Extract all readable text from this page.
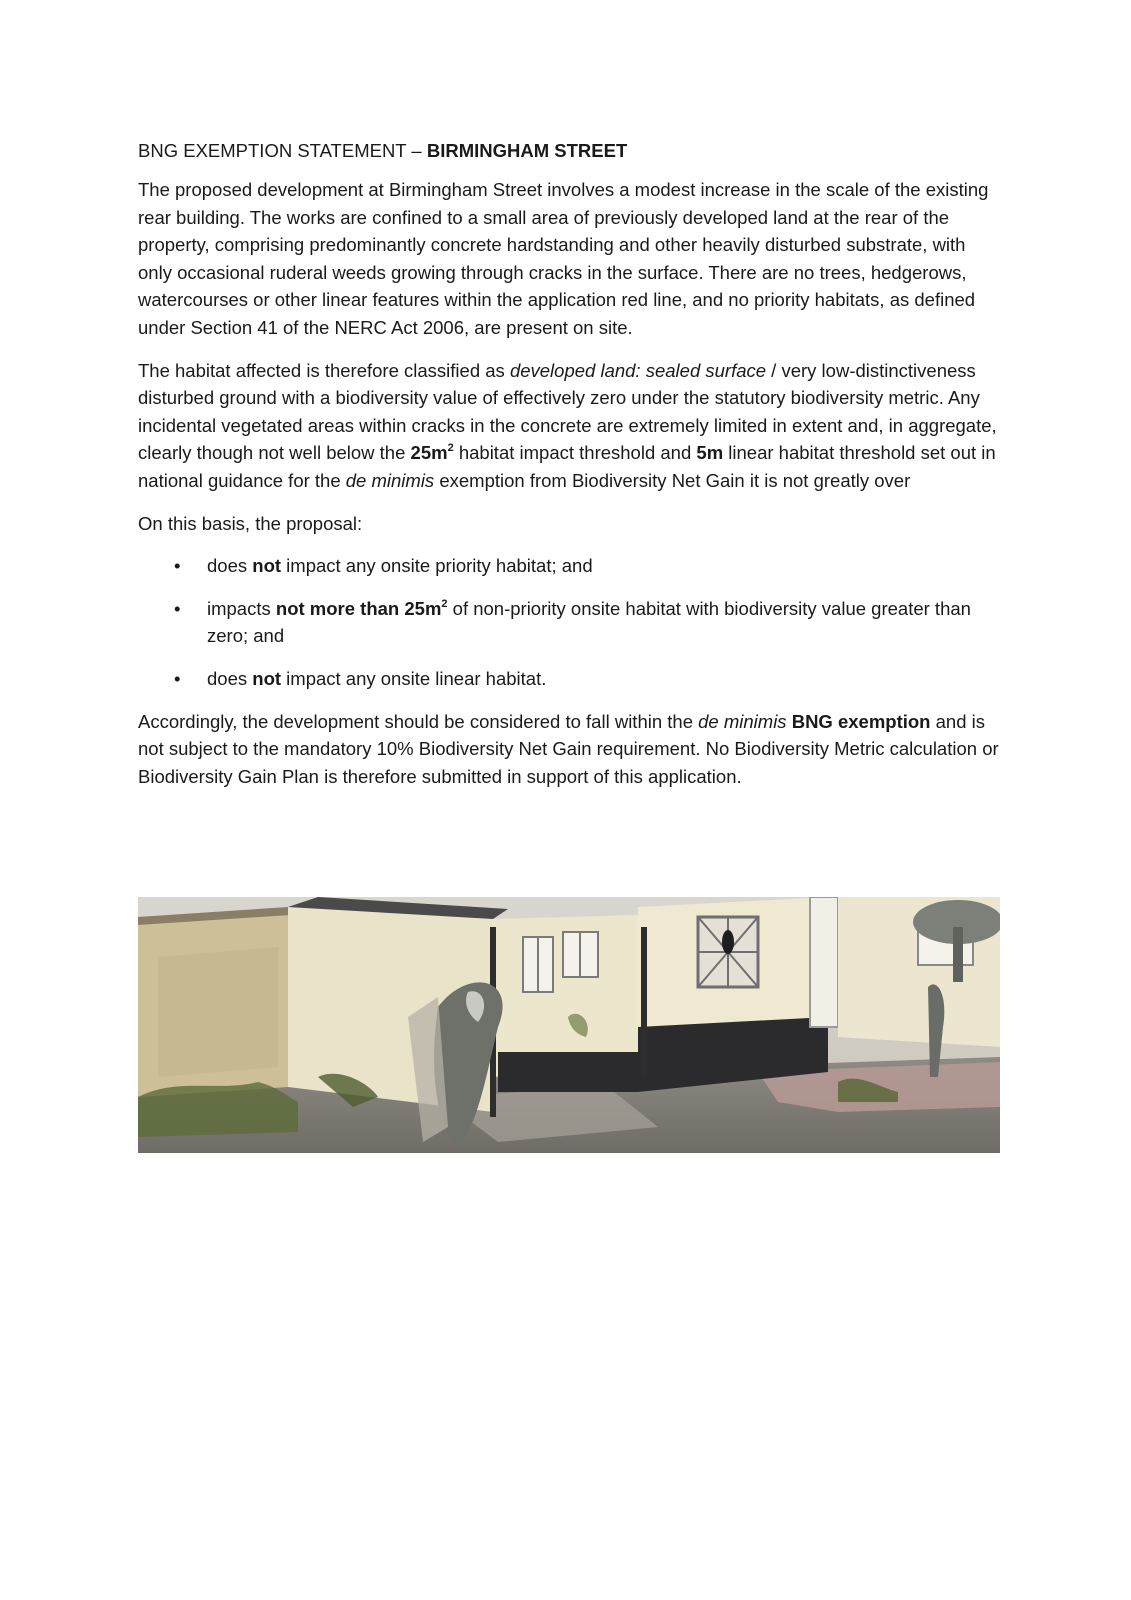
BNG EXEMPTION STATEMENT – BIRMINGHAM STREET

The proposed development at Birmingham Street involves a modest increase in the scale of the existing rear building. The works are confined to a small area of previously developed land at the rear of the property, comprising predominantly concrete hardstanding and other heavily disturbed substrate, with only occasional ruderal weeds growing through cracks in the surface. There are no trees, hedgerows, watercourses or other linear features within the application red line, and no priority habitats, as defined under Section 41 of the NERC Act 2006, are present on site.

The habitat affected is therefore classified as developed land: sealed surface / very low-distinctiveness disturbed ground with a biodiversity value of effectively zero under the statutory biodiversity metric. Any incidental vegetated areas within cracks in the concrete are extremely limited in extent and, in aggregate, clearly though not well below the $25m^2$ habitat impact threshold and 5m linear habitat threshold set out in national guidance for the de minimis exemption from Biodiversity Net Gain it is not greatly over

On this basis, the proposal:

• does not impact any onsite priority habitat; and
• impacts not more than $25m^2$ of non-priority onsite habitat with biodiversity value greater than zero; and
• does not impact any onsite linear habitat.

Accordingly, the development should be considered to fall within the de minimis BNG exemption and is not subject to the mandatory 10% Biodiversity Net Gain requirement. No Biodiversity Metric calculation or Biodiversity Gain Plan is therefore submitted in support of this application.
